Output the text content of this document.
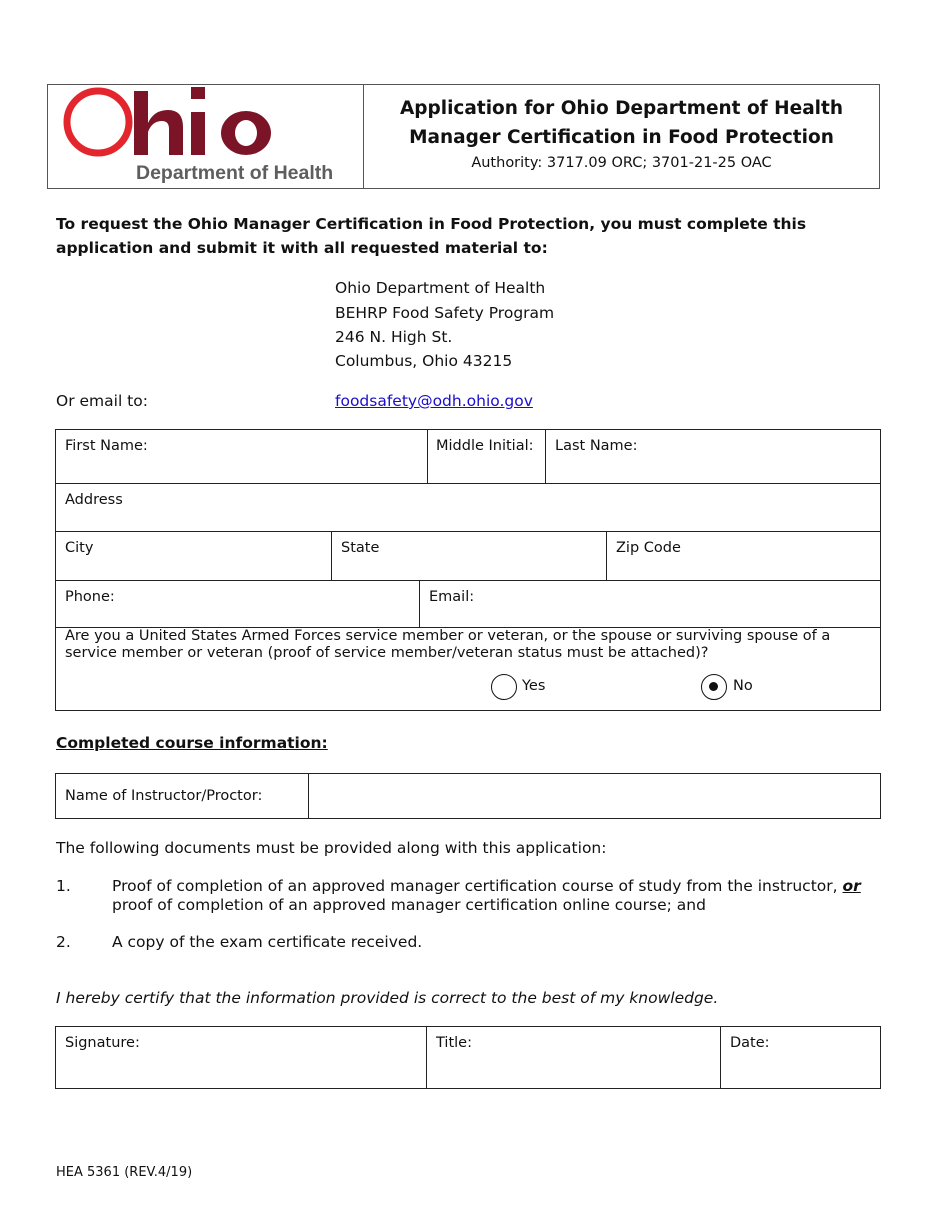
Department of Health
Application for Ohio Department of Health
Manager Certification in Food Protection
Authority: 3717.09 ORC; 3701-21-25 OAC
To request the Ohio Manager Certification in Food Protection, you must complete this application and submit it with all requested material to:
Ohio Department of Health
BEHRP Food Safety Program
246 N. High St.
Columbus, Ohio 43215
Or email to:	foodsafety@odh.ohio.gov
First Name:	Middle Initial: Last Name:
Address
City	State	Zip Code
Phone:	Email:
Are you a United States Armed Forces service member or veteran, or the spouse or surviving spouse of a service member or veteran (proof of service member/veteran status must be attached)?
Yes	No
Completed course information:
Name of Instructor/Proctor:
The following documents must be provided along with this application:
1.	Proof of completion of an approved manager certification course of study from the instructor, or proof of completion of an approved manager certification online course; and
2.	A copy of the exam certificate received.
I hereby certify that the information provided is correct to the best of my knowledge.
Signature:	Title:	Date:
HEA 5361 (REV.4/19)
